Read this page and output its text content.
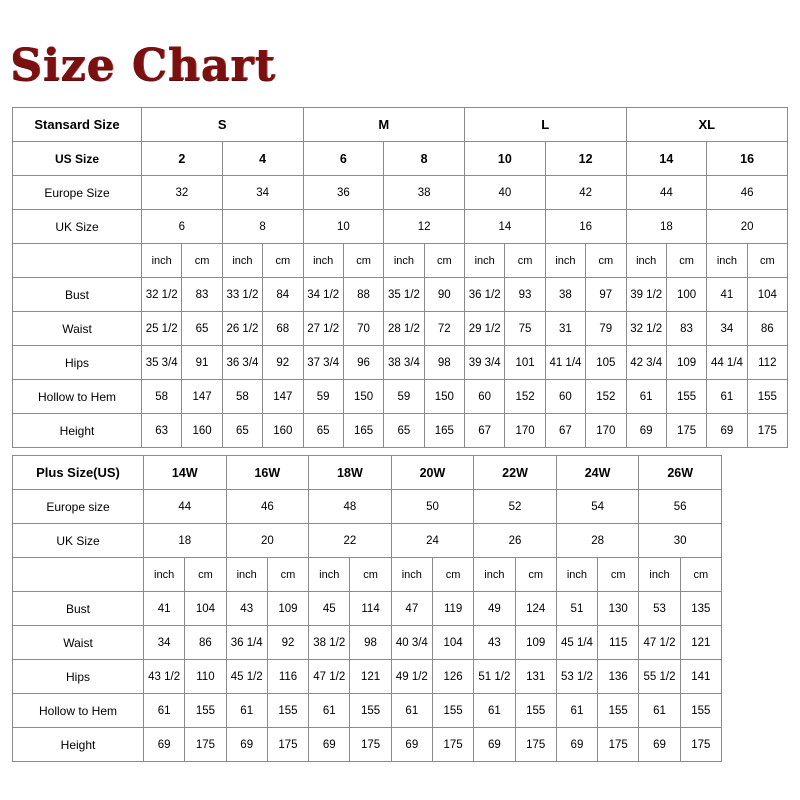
Size Chart
Stansard Size	S				M				L				XL			
US Size	2		4		6		8		10		12		14		16	
Europe Size	32		34		36		38		40		42		44		46	
UK Size	6		8		10		12		14		16		18		20	
	inch	cm	inch	cm	inch	cm	inch	cm	inch	cm	inch	cm	inch	cm	inch	cm
Bust	32 1/2	83	33 1/2	84	34 1/2	88	35 1/2	90	36 1/2	93	38	97	39 1/2	100	41	104
Waist	25 1/2	65	26 1/2	68	27 1/2	70	28 1/2	72	29 1/2	75	31	79	32 1/2	83	34	86
Hips	35 3/4	91	36 3/4	92	37 3/4	96	38 3/4	98	39 3/4	101	41 1/4	105	42 3/4	109	44 1/4	112
Hollow to Hem	58	147	58	147	59	150	59	150	60	152	60	152	61	155	61	155
Height	63	160	65	160	65	165	65	165	67	170	67	170	69	175	69	175
Plus Size(US)	14W		16W		18W		20W		22W		24W		26W	
Europe size	44		46		48		50		52		54		56	
UK Size	18		20		22		24		26		28		30	
	inch	cm	inch	cm	inch	cm	inch	cm	inch	cm	inch	cm	inch	cm
Bust	41	104	43	109	45	114	47	119	49	124	51	130	53	135
Waist	34	86	36 1/4	92	38 1/2	98	40 3/4	104	43	109	45 1/4	115	47 1/2	121
Hips	43 1/2	110	45 1/2	116	47 1/2	121	49 1/2	126	51 1/2	131	53 1/2	136	55 1/2	141
Hollow to Hem	61	155	61	155	61	155	61	155	61	155	61	155	61	155
Height	69	175	69	175	69	175	69	175	69	175	69	175	69	175
